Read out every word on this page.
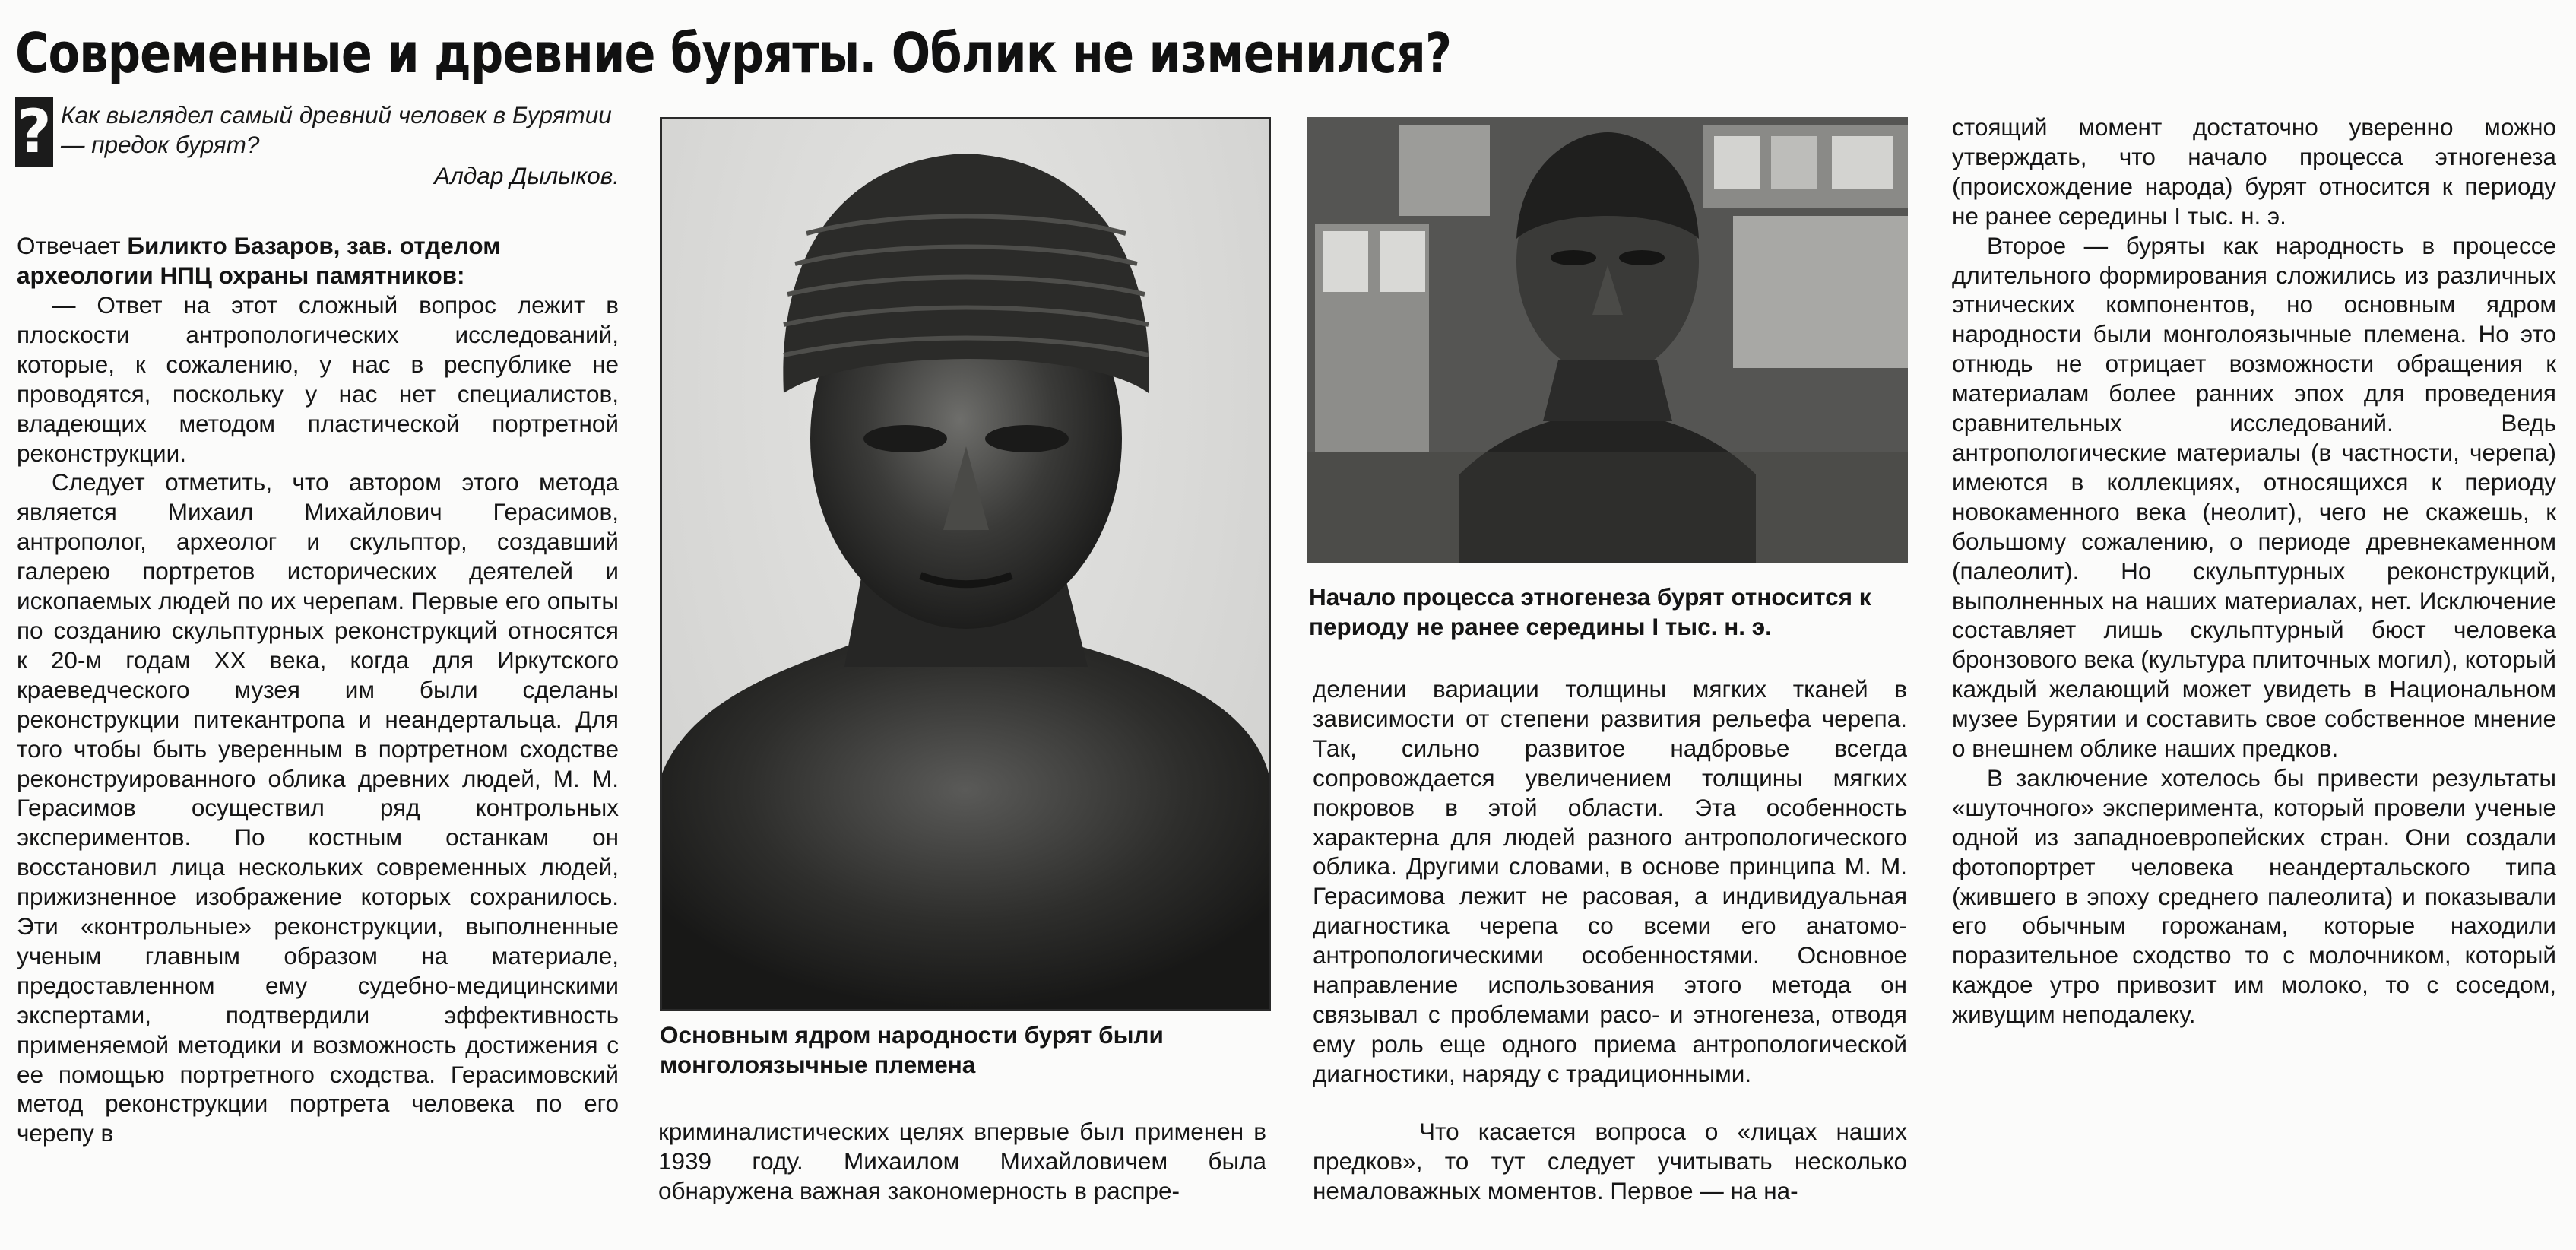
Современные и древние буряты. Облик не изменился?
? Как выглядел самый древний человек в Бурятии — предок бурят?
Алдар Дылыков.
Отвечает Биликто Базаров, зав. отделом археологии НПЦ охраны памятников:

— Ответ на этот сложный вопрос лежит в плоскости антропологических исследований, которые, к сожалению, у нас в республике не проводятся, поскольку у нас нет специалистов, владеющих методом пластической портретной реконструкции.

Следует отметить, что автором этого метода является Михаил Михайлович Герасимов, антрополог, археолог и скульптор, создавший галерею портретов исторических деятелей и ископаемых людей по их черепам. Первые его опыты по созданию скульптурных реконструкций относятся к 20-м годам XX века, когда для Иркутского краеведческого музея им были сделаны реконструкции питекантропа и неандертальца. Для того чтобы быть уверенным в портретном сходстве реконструированного облика древних людей, М. М. Герасимов осуществил ряд контрольных экспериментов. По костным останкам он восстановил лица нескольких современных людей, прижизненное изображение которых сохранилось. Эти «контрольные» реконструкции, выполненные ученым главным образом на материале, предоставленном ему судебно-медицинскими экспертами, подтвердили эффективность применяемой методики и возможность достижения с ее помощью портретного сходства. Герасимовский метод реконструкции портрета человека по его черепу в

Основным ядром народности бурят были монголоязычные племена

криминалистических целях впервые был применен в 1939 году. Михаилом Михайловичем была обнаружена важная закономерность в распре-

Начало процесса этногенеза бурят относится к периоду не ранее середины I тыс. н. э.

делении вариации толщины мягких тканей в зависимости от степени развития рельефа черепа. Так, сильно развитое надбровье всегда сопровождается увеличением толщины мягких покровов в этой области. Эта особенность характерна для людей разного антропологического облика. Другими словами, в основе принципа М. М. Герасимова лежит не расовая, а индивидуальная диагностика черепа со всеми его анатомо-антропологическими особенностями. Основное направление использования этого метода он связывал с проблемами расо- и этногенеза, отводя ему роль еще одного приема антропологической диагностики, наряду с традиционными.

Что касается вопроса о «лицах наших предков», то тут следует учитывать несколько немаловажных моментов. Первое — на на-

стоящий момент достаточно уверенно можно утверждать, что начало процесса этногенеза (происхождение народа) бурят относится к периоду не ранее середины I тыс. н. э.

Второе — буряты как народность в процессе длительного формирования сложились из различных этнических компонентов, но основным ядром народности были монголоязычные племена. Но это отнюдь не отрицает возможности обращения к материалам более ранних эпох для проведения сравнительных исследований. Ведь антропологические материалы (в частности, черепа) имеются в коллекциях, относящихся к периоду новокаменного века (неолит), чего не скажешь, к большому сожалению, о периоде древнекаменном (палеолит). Но скульптурных реконструкций, выполненных на наших материалах, нет. Исключение составляет лишь скульптурный бюст человека бронзового века (культура плиточных могил), который каждый желающий может увидеть в Национальном музее Бурятии и составить свое собственное мнение о внешнем облике наших предков.

В заключение хотелось бы привести результаты «шуточного» эксперимента, который провели ученые одной из западноевропейских стран. Они создали фотопортрет человека неандертальского типа (жившего в эпоху среднего палеолита) и показывали его обычным горожанам, которые находили поразительное сходство то с молочником, который каждое утро привозит им молоко, то с соседом, живущим неподалеку.
